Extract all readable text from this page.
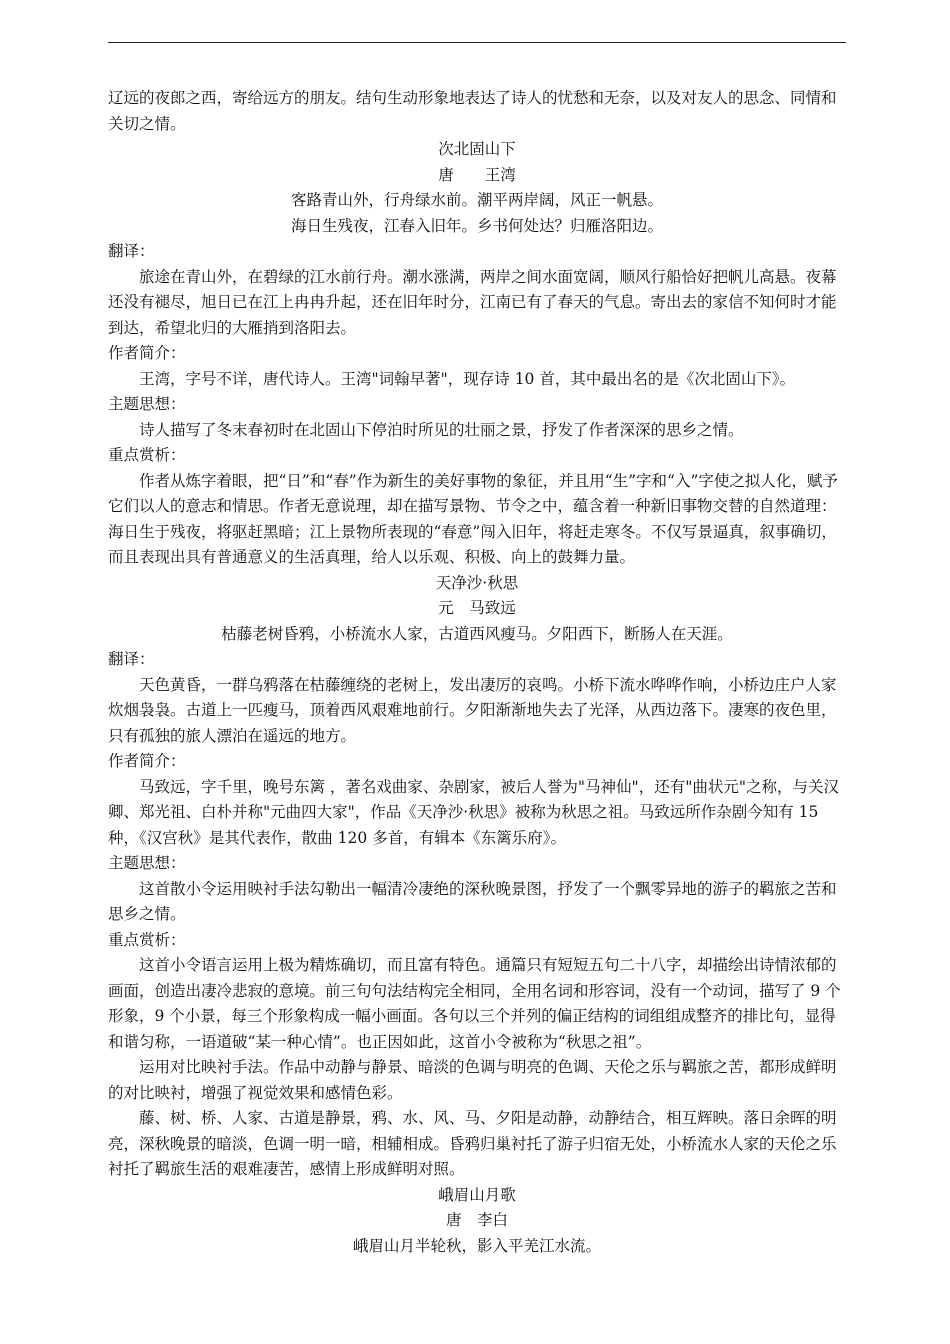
辽远的夜郎之西，寄给远方的朋友。结句生动形象地表达了诗人的忧愁和无奈，以及对友人的思念、同情和关切之情。

次北固山下

唐　　王湾

客路青山外，行舟绿水前。潮平两岸阔，风正一帆悬。

海日生残夜，江春入旧年。乡书何处达？归雁洛阳边。

翻译：

旅途在青山外，在碧绿的江水前行舟。潮水涨满，两岸之间水面宽阔，顺风行船恰好把帆儿高悬。夜幕还没有褪尽，旭日已在江上冉冉升起，还在旧年时分，江南已有了春天的气息。寄出去的家信不知何时才能到达，希望北归的大雁捎到洛阳去。

作者简介：

王湾，字号不详，唐代诗人。王湾"词翰早著"，现存诗 10 首，其中最出名的是《次北固山下》。

主题思想：

诗人描写了冬末春初时在北固山下停泊时所见的壮丽之景，抒发了作者深深的思乡之情。

重点赏析：

作者从炼字着眼，把“日”和“春”作为新生的美好事物的象征，并且用“生”字和“入”字使之拟人化，赋予它们以人的意志和情思。作者无意说理，却在描写景物、节令之中，蕴含着一种新旧事物交替的自然道理：海日生于残夜，将驱赶黑暗；江上景物所表现的“春意”闯入旧年，将赶走寒冬。不仅写景逼真，叙事确切，而且表现出具有普通意义的生活真理，给人以乐观、积极、向上的鼓舞力量。

天净沙·秋思

元　马致远

枯藤老树昏鸦，小桥流水人家，古道西风瘦马。夕阳西下，断肠人在天涯。

翻译：

天色黄昏，一群乌鸦落在枯藤缠绕的老树上，发出凄厉的哀鸣。小桥下流水哗哗作响，小桥边庄户人家炊烟袅袅。古道上一匹瘦马，顶着西风艰难地前行。夕阳渐渐地失去了光泽，从西边落下。凄寒的夜色里，只有孤独的旅人漂泊在遥远的地方。

作者简介：

马致远，字千里，晚号东篱 ，著名戏曲家、杂剧家，被后人誉为"马神仙"，还有"曲状元"之称，与关汉卿、郑光祖、白朴并称"元曲四大家"，作品《天净沙·秋思》被称为秋思之祖。马致远所作杂剧今知有 15 种，《汉宫秋》是其代表作，散曲 120 多首，有辑本《东篱乐府》。

主题思想：

这首散小令运用映衬手法勾勒出一幅清冷凄绝的深秋晚景图，抒发了一个飘零异地的游子的羁旅之苦和思乡之情。

重点赏析：

这首小令语言运用上极为精炼确切，而且富有特色。通篇只有短短五句二十八字，却描绘出诗情浓郁的画面，创造出凄冷悲寂的意境。前三句句法结构完全相同，全用名词和形容词，没有一个动词，描写了 9 个形象，9 个小景，每三个形象构成一幅小画面。各句以三个并列的偏正结构的词组组成整齐的排比句，显得和谐匀称，一语道破“某一种心情”。也正因如此，这首小令被称为“秋思之祖”。

运用对比映衬手法。作品中动静与静景、暗淡的色调与明亮的色调、天伦之乐与羁旅之苦，都形成鲜明的对比映衬，增强了视觉效果和感情色彩。

藤、树、桥、人家、古道是静景，鸦、水、风、马、夕阳是动静，动静结合，相互辉映。落日余晖的明亮，深秋晚景的暗淡，色调一明一暗，相辅相成。昏鸦归巢衬托了游子归宿无处，小桥流水人家的天伦之乐衬托了羁旅生活的艰难凄苦，感情上形成鲜明对照。

峨眉山月歌

唐　李白

峨眉山月半轮秋，影入平羌江水流。
